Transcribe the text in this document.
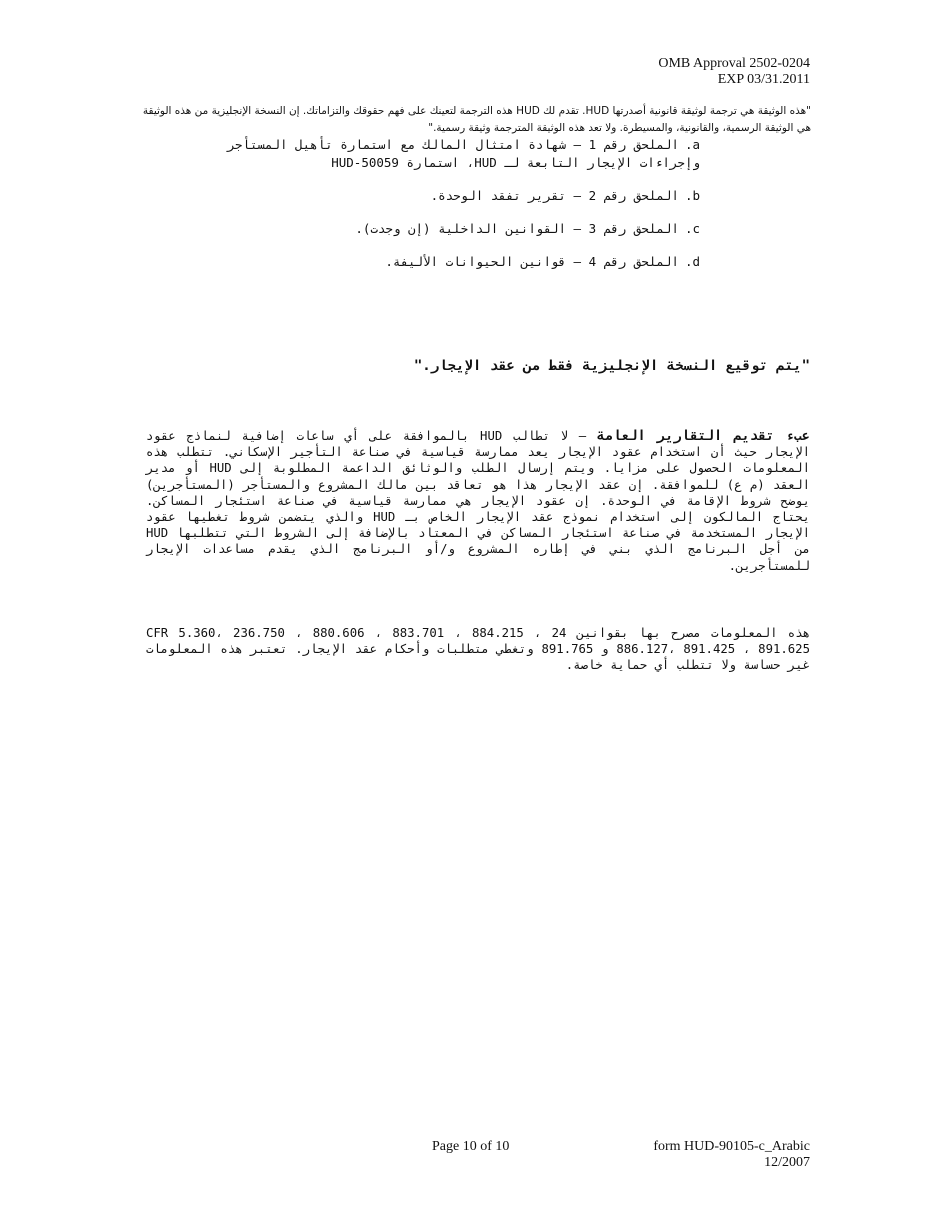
OMB Approval 2502-0204
EXP 03/31.2011
"هذه الوثيقة هي ترجمة لوثيقة قانونية أصدرتها HUD. تقدم لك HUD هذه الترجمة لتعينك على فهم حقوقك والتزاماتك. إن النسخة الإنجليزية من هذه الوثيقة هي الوثيقة الرسمية، والقانونية، والمسيطرة. ولا تعد هذه الوثيقة المترجمة وثيقة رسمية."
a.الملحق رقم 1 – شهادة امتثال المالك مع استمارة تأهيل المستأجر وإجراءات الإيجار التابعة لـ HUD، استمارة HUD-50059
b.الملحق رقم 2 – تقرير تفقد الوحدة.
c.الملحق رقم 3 – القوانين الداخلية (إن وجدت).
d.الملحق رقم 4 – قوانين الحيوانات الأليفة.
"يتم توقيع النسخة الإنجليزية فقط من عقد الإيجار."
عبء تقديم التقارير العامة – لا تطالب HUD بالموافقة على أي ساعات إضافية لنماذج عقود الإيجار حيث أن استخدام عقود الإيجار يعد ممارسة قياسية في صناعة التأجير الإسكاني. تتطلب هذه المعلومات الحصول على مزايا. ويتم إرسال الطلب والوثائق الداعمة المطلوبة إلى HUD أو مدير العقد (م ع) للموافقة. إن عقد الإيجار هذا هو تعاقد بين مالك المشروع والمستأجر (المستأجرين) يوضح شروط الإقامة في الوحدة. إن عقود الإيجار هي ممارسة قياسية في صناعة استئجار المساكن. يحتاج المالكون إلى استخدام نموذج عقد الإيجار الخاص بـ HUD والذي يتضمن شروط تغطيها عقود الإيجار المستخدمة في صناعة استئجار المساكن في المعتاد بالإضافة إلى الشروط التي تتطلبها HUD من أجل البرنامج الذي بني في إطاره المشروع و/أو البرنامج الذي يقدم مساعدات الإيجار للمستأجرين.
هذه المعلومات مصرح بها بقوانين 24 CFR 5.360، 236.750 ، 880.606 ، 883.701 ، 884.215 ، 886.127، 891.425 ، 891.625 و 891.765 وتغطي متطلبات وأحكام عقد الإيجار. تعتبر هذه المعلومات غير حساسة ولا تتطلب أي حماية خاصة.
Page 10 of 10	form HUD-90105-c_Arabic
12/2007
